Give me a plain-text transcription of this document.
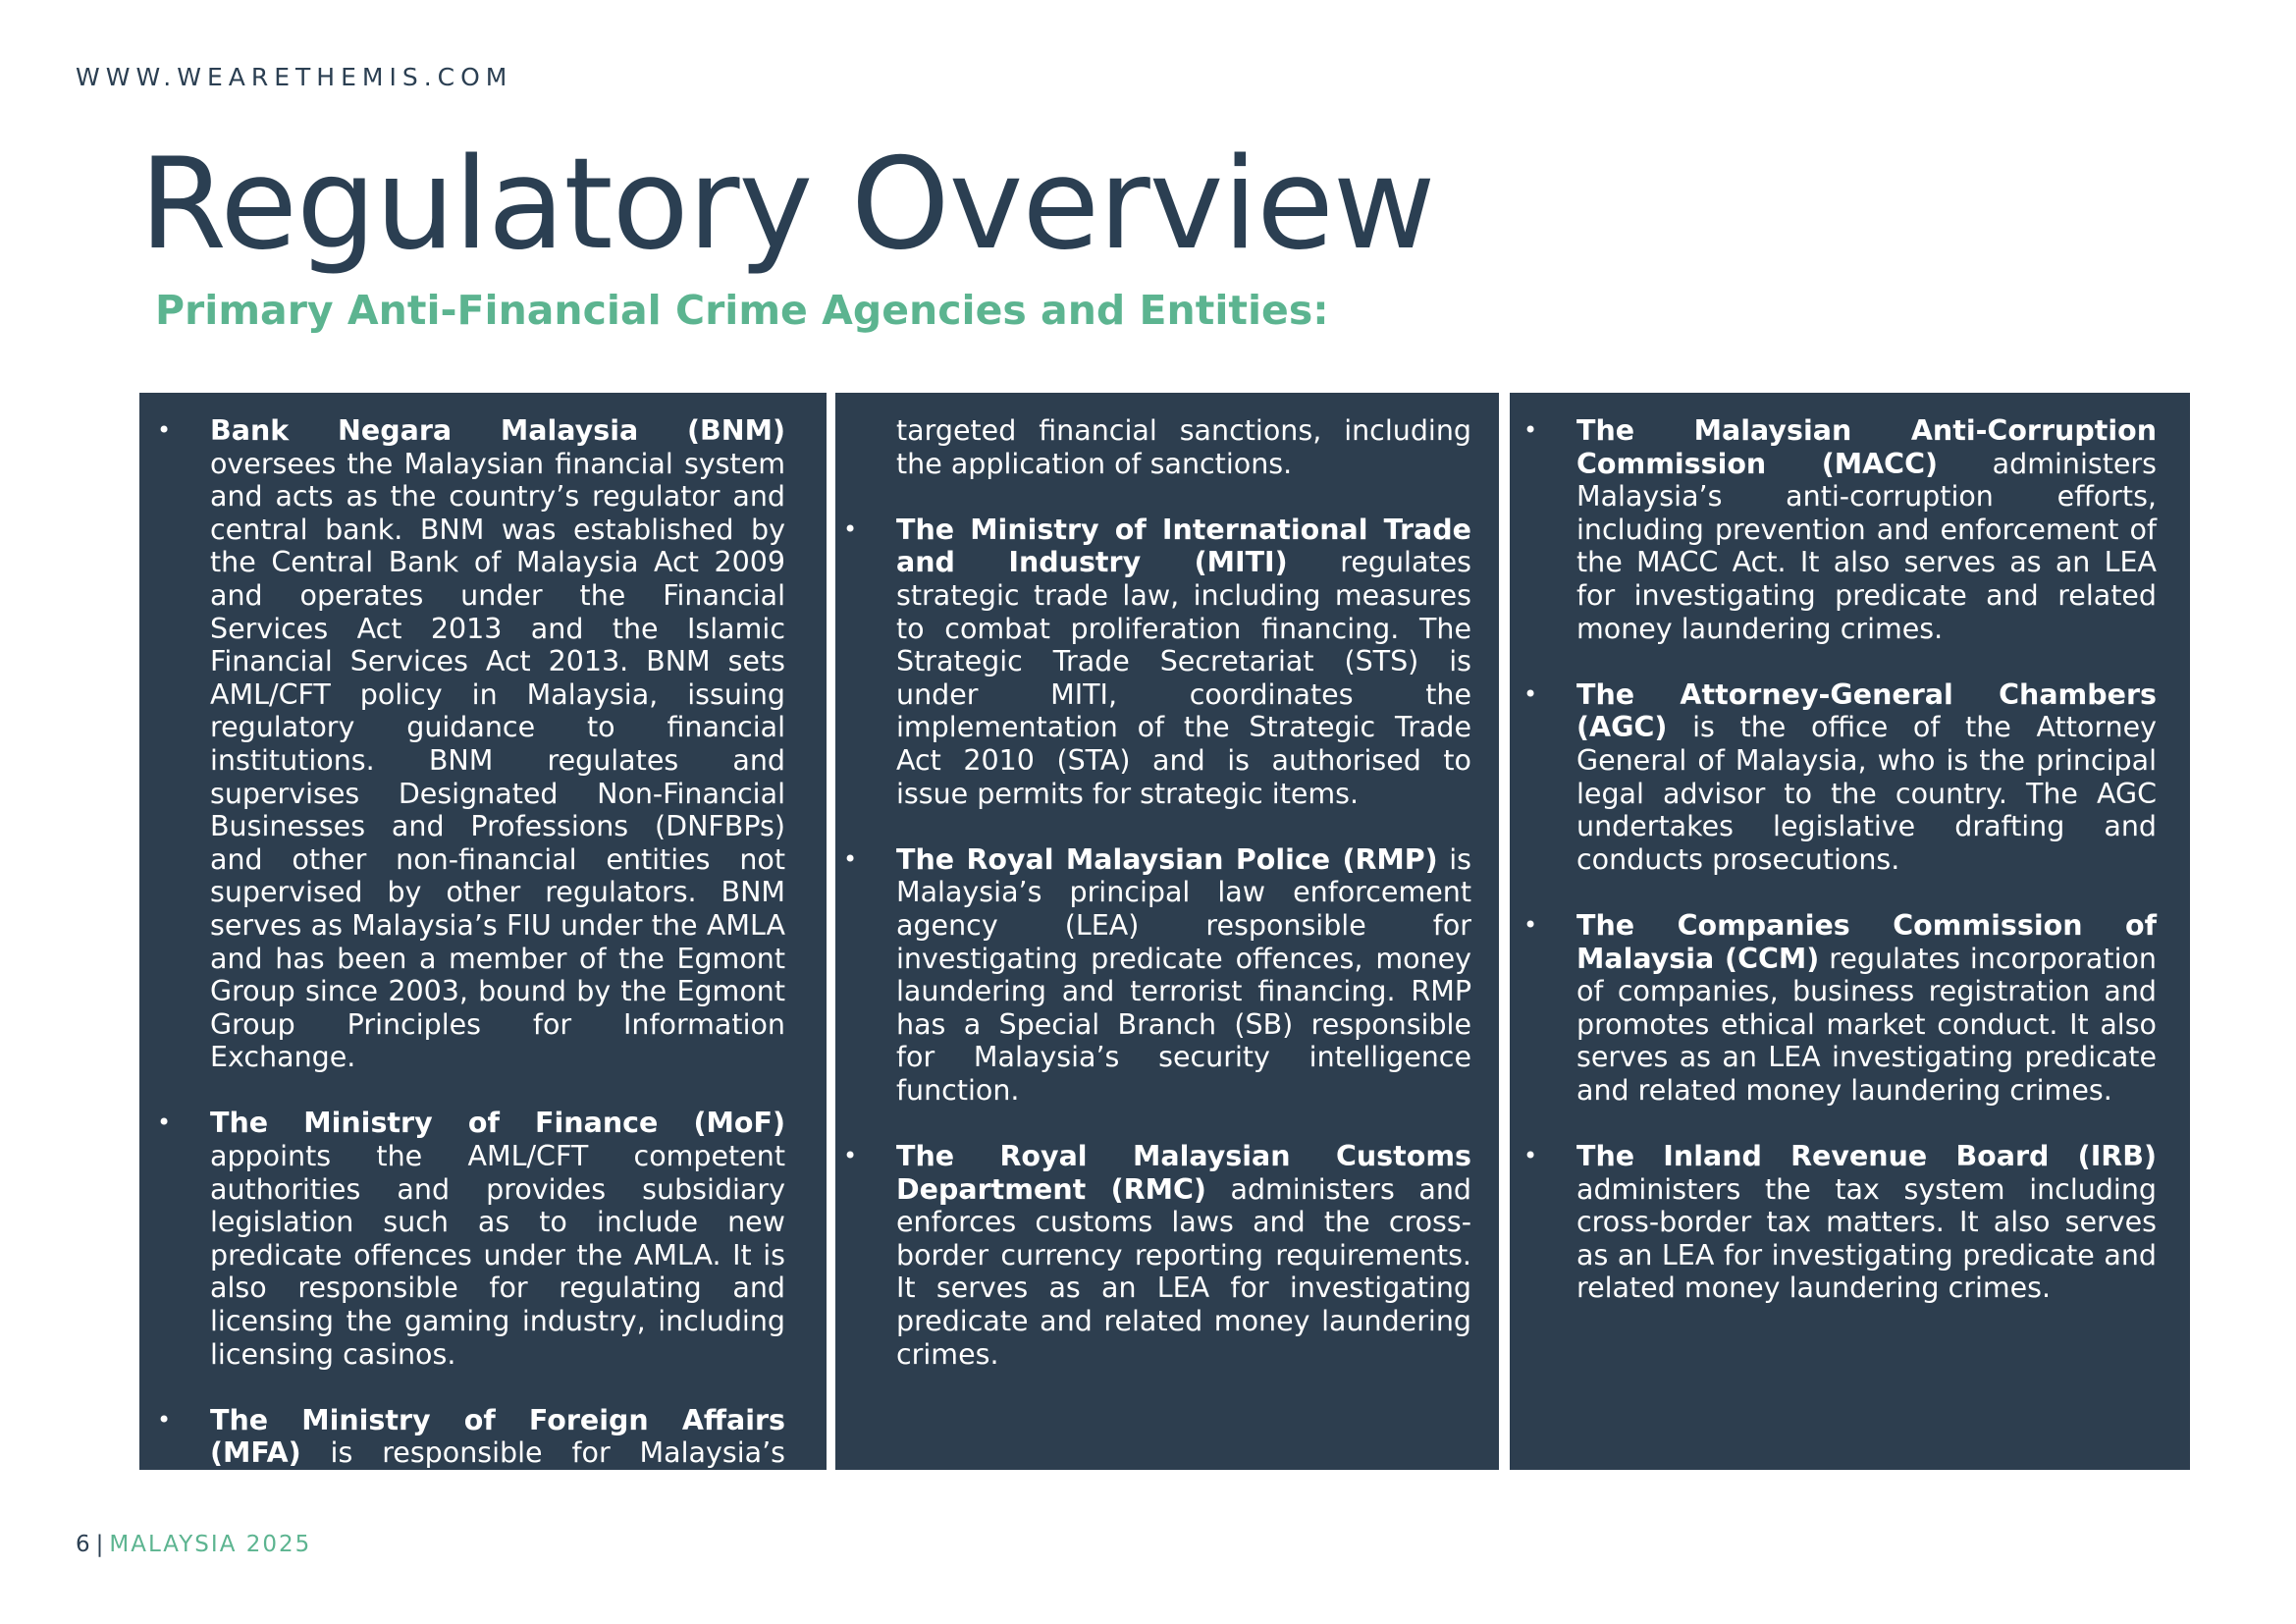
WWW.WEARETHEMIS.COM
Regulatory Overview
Primary Anti-Financial Crime Agencies and Entities:
•	Bank Negara Malaysia (BNM) oversees the Malaysian financial system and acts as the country’s regulator and central bank. BNM was established by the Central Bank of Malaysia Act 2009 and operates under the Financial Services Act 2013 and the Islamic Financial Services Act 2013. BNM sets AML/CFT policy in Malaysia, issuing regulatory guidance to financial institutions. BNM regulates and supervises Designated Non-Financial Businesses and Professions (DNFBPs) and other non-financial entities not supervised by other regulators. BNM serves as Malaysia’s FIU under the AMLA and has been a member of the Egmont Group since 2003, bound by the Egmont Group Principles for Information Exchange.
•	The Ministry of Finance (MoF) appoints the AML/CFT competent authorities and provides subsidiary legislation such as to include new predicate offences under the AMLA. It is also responsible for regulating and licensing the gaming industry, including licensing casinos.
•	The Ministry of Foreign Affairs (MFA) is responsible for Malaysia’s
targeted financial sanctions, including the application of sanctions.
•	The Ministry of International Trade and Industry (MITI) regulates strategic trade law, including measures to combat proliferation financing. The Strategic Trade Secretariat (STS) is under MITI, coordinates the implementation of the Strategic Trade Act 2010 (STA) and is authorised to issue permits for strategic items.
•	The Royal Malaysian Police (RMP) is Malaysia’s principal law enforcement agency (LEA) responsible for investigating predicate offences, money laundering and terrorist financing. RMP has a Special Branch (SB) responsible for Malaysia’s security intelligence function.
•	The Royal Malaysian Customs Department (RMC) administers and enforces customs laws and the cross-border currency reporting requirements. It serves as an LEA for investigating predicate and related money laundering crimes.
•	The Malaysian Anti-Corruption Commission (MACC) administers Malaysia’s anti-corruption efforts, including prevention and enforcement of the MACC Act. It also serves as an LEA for investigating predicate and related money laundering crimes.
•	The Attorney-General Chambers (AGC) is the office of the Attorney General of Malaysia, who is the principal legal advisor to the country. The AGC undertakes legislative drafting and conducts prosecutions.
•	The Companies Commission of Malaysia (CCM) regulates incorporation of companies, business registration and promotes ethical market conduct. It also serves as an LEA investigating predicate and related money laundering crimes.
•	The Inland Revenue Board (IRB) administers the tax system including cross-border tax matters. It also serves as an LEA for investigating predicate and related money laundering crimes.
6 | MALAYSIA 2025
